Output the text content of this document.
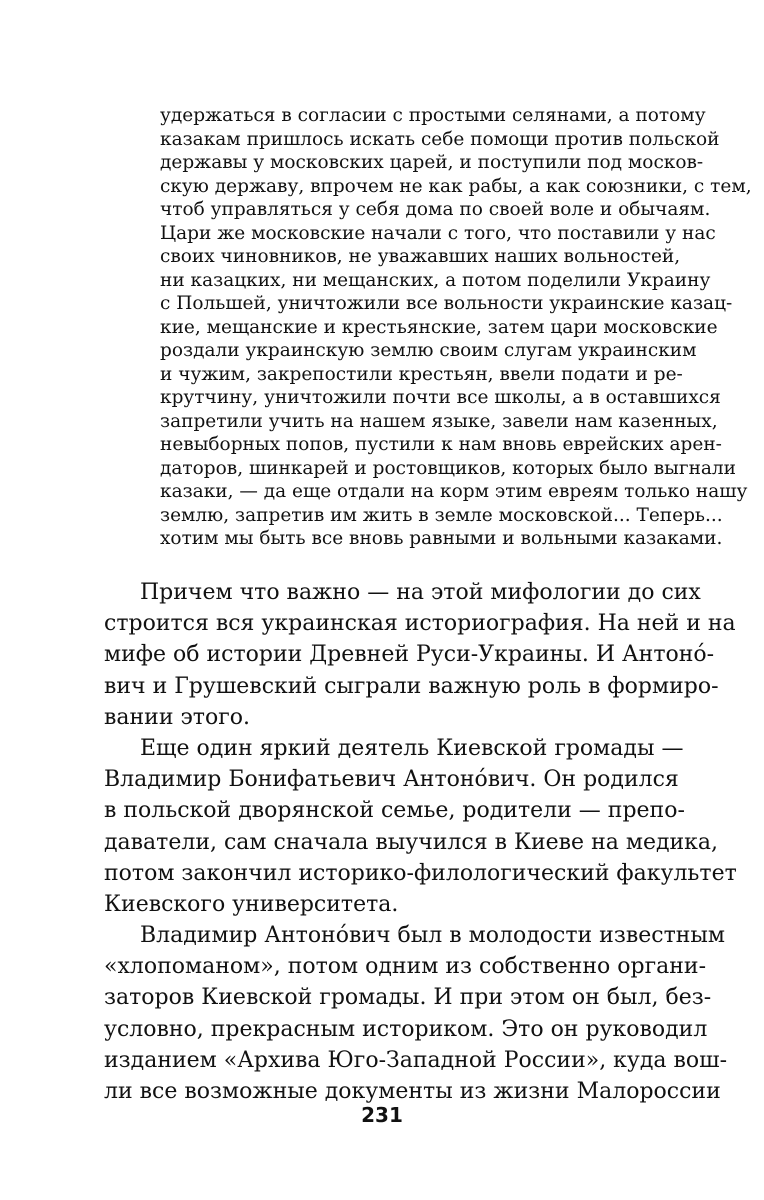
удержаться в согласии с простыми селянами, а потому
казакам пришлось искать себе помощи против польской
державы у московских царей, и поступили под москов-
скую державу, впрочем не как рабы, а как союзники, с тем,
чтоб управляться у себя дома по своей воле и обычаям.
Цари же московские начали с того, что поставили у нас
своих чиновников, не уважавших наших вольностей,
ни казацких, ни мещанских, а потом поделили Украину
с Польшей, уничтожили все вольности украинские казац-
кие, мещанские и крестьянские, затем цари московские
роздали украинскую землю своим слугам украинским
и чужим, закрепостили крестьян, ввели подати и ре-
крутчину, уничтожили почти все школы, а в оставшихся
запретили учить на нашем языке, завели нам казенных,
невыборных попов, пустили к нам вновь еврейских арен-
даторов, шинкарей и ростовщиков, которых было выгнали
казаки, — да еще отдали на корм этим евреям только нашу
землю, запретив им жить в земле московской... Теперь...
хотим мы быть все вновь равными и вольными казаками.
Причем что важно — на этой мифологии до сих
строится вся украинская историография. На ней и на
мифе об истории Древней Руси-Украины. И Антоно́-
вич и Грушевский сыграли важную роль в формиро-
вании этого.
Еще один яркий деятель Киевской громады —
Владимир Бонифатьевич Антоно́вич. Он родился
в польской дворянской семье, родители — препо-
даватели, сам сначала выучился в Киеве на медика,
потом закончил историко-филологический факультет
Киевского университета.
Владимир Антоно́вич был в молодости известным
«хлопоманом», потом одним из собственно органи-
заторов Киевской громады. И при этом он был, без-
условно, прекрасным историком. Это он руководил
изданием «Архива Юго-Западной России», куда вош-
ли все возможные документы из жизни Малороссии
231
